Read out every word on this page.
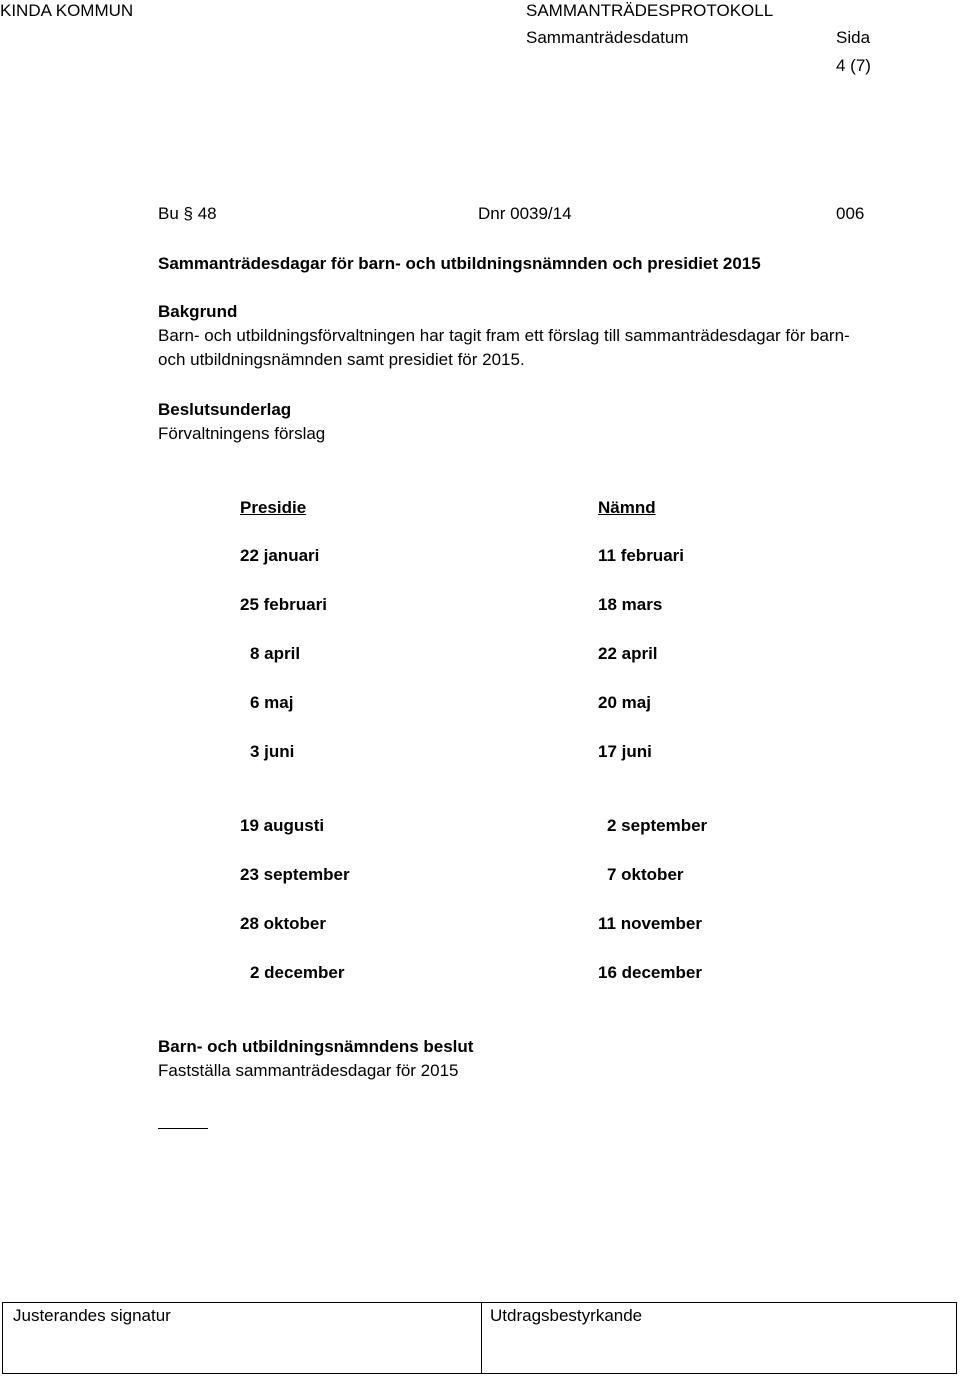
KINDA KOMMUN	SAMMANTRÄDESPROTOKOLL
Sammanträdesdatum	Sida
4 (7)
Bu § 48	Dnr 0039/14	006
Sammanträdesdagar för barn- och utbildningsnämnden och presidiet 2015
Bakgrund
Barn- och utbildningsförvaltningen har tagit fram ett förslag till sammanträdesdagar för barn-
och utbildningsnämnden samt presidiet för 2015.
Beslutsunderlag
Förvaltningens förslag
Presidie	Nämnd
22 januari	11 februari
25 februari	18 mars
8 april	22 april
6 maj	20 maj
3 juni	17 juni
19 augusti	2 september
23 september	7 oktober
28 oktober	11 november
2 december	16 december
Barn- och utbildningsnämndens beslut
Fastställa sammanträdesdagar för 2015
Justerandes signatur	Utdragsbestyrkande
